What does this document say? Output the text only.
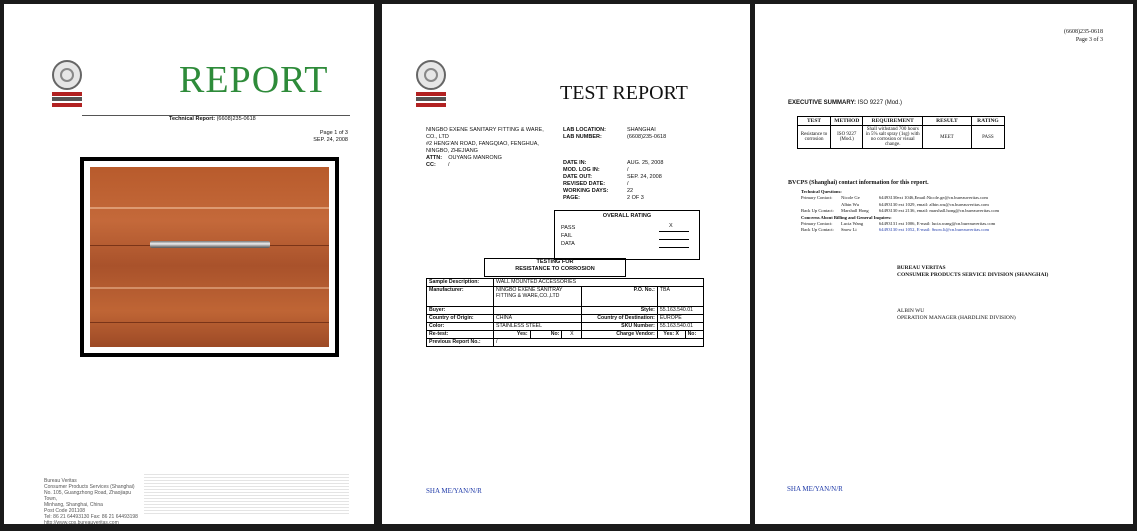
REPORT
Technical Report: (6608)235-0618
Page 1 of 3
SEP. 24, 2008
Bureau Veritas
Consumer Products Services (Shanghai)
No. 105, Guangzhong Road, Zhaojiapu Town,
Minhang, Shanghai, China
Post Code 201108
Tel: 86 21 64493130 Fax: 86 21 64493198
http://www.cps.bureauveritas.com
TEST REPORT
NINGBO EXENE SANITARY FITTING & WARE,
CO., LTD
#2 HENG'AN ROAD, FANGQIAO, FENGHUA,
NINGBO, ZHEJIANG
ATTN: OUYANG MANRONG
CC: /
LAB LOCATION:	SHANGHAI
LAB NUMBER:	(6608)235-0618
DATE IN:	AUG. 25, 2008
MOD. LOG IN:	/
DATE OUT:	SEP. 24, 2008
REVISED DATE:	/
WORKING DAYS:	22
PAGE:	2 OF 3
OVERALL RATING
PASS	X
FAIL
DATA
TESTING FOR
RESISTANCE TO CORROSION
Sample Description:	WALL MOUNTED ACCESSORIES					
Manufacturer:	NINGBO EXENE SANITRAY FITTING & WARE,CO.,LTD			P.O. No.:	TBA	
Buyer:				Style:	55.163.540.01	
Country of Origin:	CHINA			Country of Destination:	EUROPE	
Color:	STAINLESS STEEL			SKU Number:	55.163.540.01	
Re-test:	Yes:	No:	X	Charge Vendor:	Yes: X	No:
Previous Report No.:	/					
SHA ME/YAN/N/R
(6608)235-0618
Page 3 of 3
EXECUTIVE SUMMARY: ISO 9227 (Mod.)
TEST	METHOD	REQUIREMENT	RESULT	RATING
Resistance to corrosion	ISO 9227 (Mod.)	Shall withstand 700 hours in 5% salt spray (1sg) with no corrosion or visual change.	MEET	PASS
BVCPS (Shanghai) contact information for this report.
Technical Questions:
Primary Contact: Nicole Ge	64493130ext 1046,Email:Nicole.ge@cn.bureauveritas.com
Albin Wu	64493130 ext 1029, email: albin.wu@cn.bureauveritas.com
Back Up Contact: Marshall Hong 64493130 ext 2136, email: marshall.hong@cn.bureauveritas.com
Concerns About Billing and General Inquires:
Primary Contact: Lucia Wang	64493131 ext 1006, E-mail: lucia.wang@cn.bureauveritas.com
Back Up Contact: Snow Li	64493130 ext 1052, E-mail: Snow.li@cn.bureauveritas.com
BUREAU VERITAS
CONSUMER PRODUCTS SERVICE DIVISION (SHANGHAI)
ALBIN WU
OPERATION MANAGER (HARDLINE DIVISION)
SHA ME/YAN/N/R
